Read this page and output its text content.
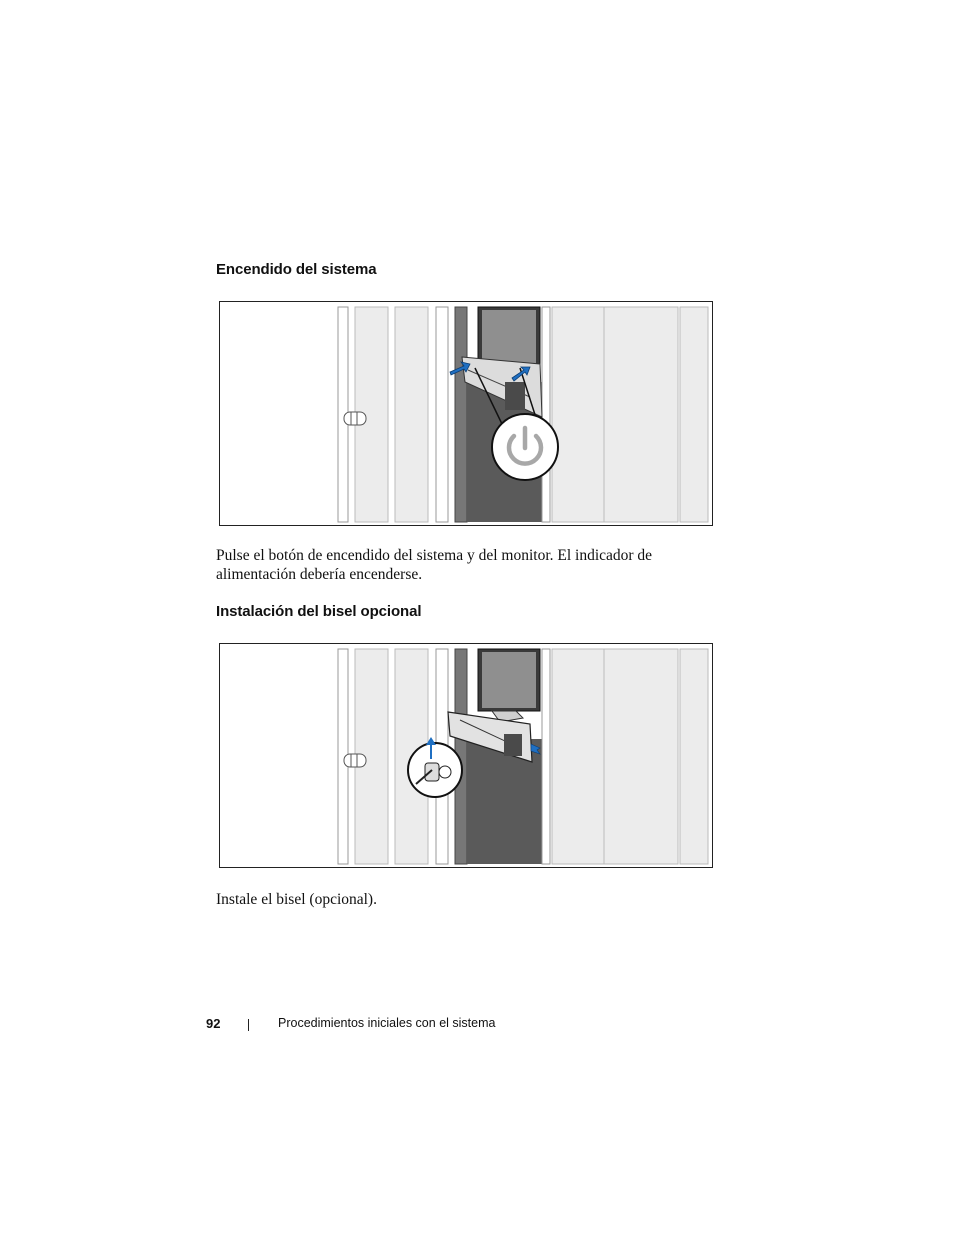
Encendido del sistema

Pulse el botón de encendido del sistema y del monitor. El indicador de alimentación debería encenderse.

Instalación del bisel opcional

Instale el bisel (opcional).

92	Procedimientos iniciales con el sistema
